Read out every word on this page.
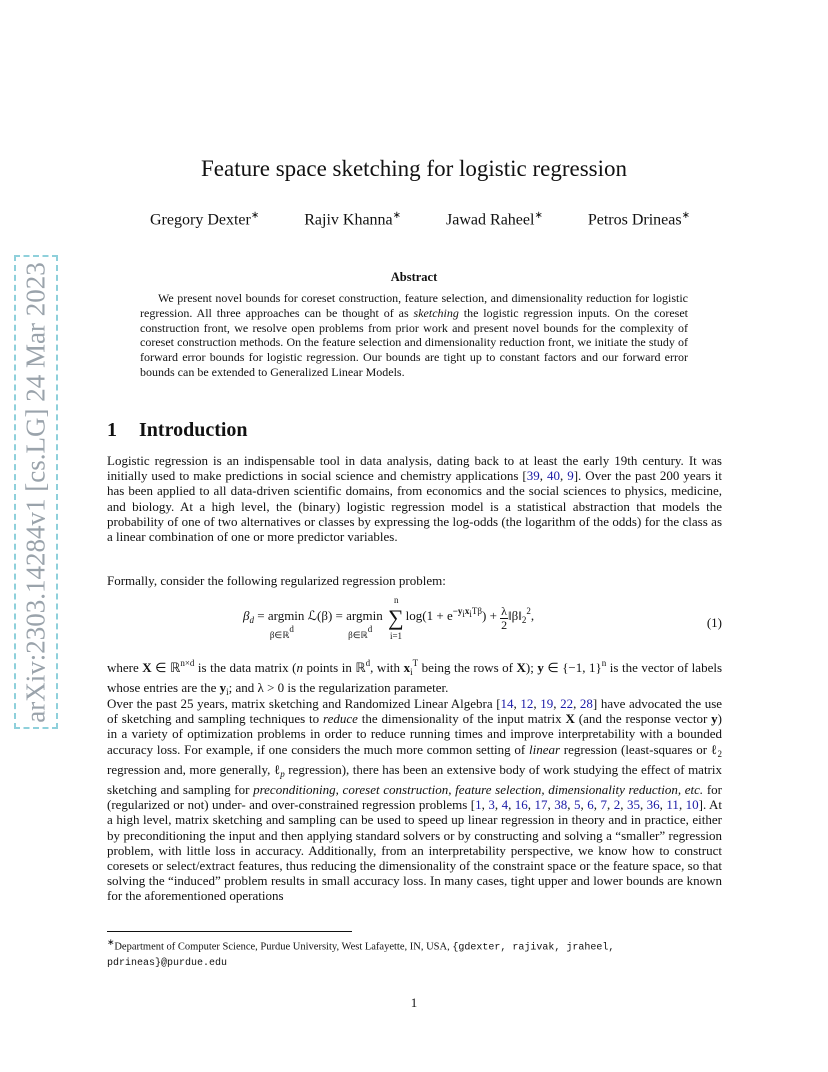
arXiv:2303.14284v1 [cs.LG] 24 Mar 2023
Feature space sketching for logistic regression
Gregory Dexter∗	Rajiv Khanna∗	Jawad Raheel∗	Petros Drineas∗
Abstract
We present novel bounds for coreset construction, feature selection, and dimensionality reduction for logistic regression. All three approaches can be thought of as sketching the logistic regression inputs. On the coreset construction front, we resolve open problems from prior work and present novel bounds for the complexity of coreset construction methods. On the feature selection and dimensionality reduction front, we initiate the study of forward error bounds for logistic regression. Our bounds are tight up to constant factors and our forward error bounds can be extended to Generalized Linear Models.
1 Introduction
Logistic regression is an indispensable tool in data analysis, dating back to at least the early 19th century. It was initially used to make predictions in social science and chemistry applications [39, 40, 9]. Over the past 200 years it has been applied to all data-driven scientific domains, from economics and the social sciences to physics, medicine, and biology. At a high level, the (binary) logistic regression model is a statistical abstraction that models the probability of one of two alternatives or classes by expressing the log-odds (the logarithm of the odds) for the class as a linear combination of one or more predictor variables.
Formally, consider the following regularized regression problem:
$\beta_d = argmin$
β∈ℝd
ℒ(β) = argmin
β∈ℝd

n
∑
i=1
$\log(1 + e^{-yixiT\beta}) + \frac{\lambda}{2}$ $‖\beta‖_2^2$,	(1)
where X ∈ ℝ$^{n\times d}$ is the data matrix (n points in ℝ$^d$, with $x_i^T$ being the rows of X); y ∈ {−1, 1}$^n$ is the vector of labels whose entries are the $y_i$; and λ > 0 is the regularization parameter.
Over the past 25 years, matrix sketching and Randomized Linear Algebra [14, 12, 19, 22, 28] have advocated the use of sketching and sampling techniques to reduce the dimensionality of the input matrix X (and the response vector y) in a variety of optimization problems in order to reduce running times and improve interpretability with a bounded accuracy loss. For example, if one considers the much more common setting of linear regression (least-squares or ℓ$_2$ regression and, more generally, ℓ$_p$ regression), there has been an extensive body of work studying the effect of matrix sketching and sampling for preconditioning, coreset construction, feature selection, dimensionality reduction, etc. for (regularized or not) under- and over-constrained regression problems [1, 3, 4, 16, 17, 38, 5, 6, 7, 2, 35, 36, 11, 10]. At a high level, matrix sketching and sampling can be used to speed up linear regression in theory and in practice, either by preconditioning the input and then applying standard solvers or by constructing and solving a “smaller” regression problem, with little loss in accuracy. Additionally, from an interpretability perspective, we know how to construct coresets or select/extract features, thus reducing the dimensionality of the constraint space or the feature space, so that solving the “induced” problem results in small accuracy loss. In many cases, tight upper and lower bounds are known for the aforementioned operations
∗Department of Computer Science, Purdue University, West Lafayette, IN, USA, {gdexter, rajivak, jraheel, pdrineas}@purdue.edu
1
